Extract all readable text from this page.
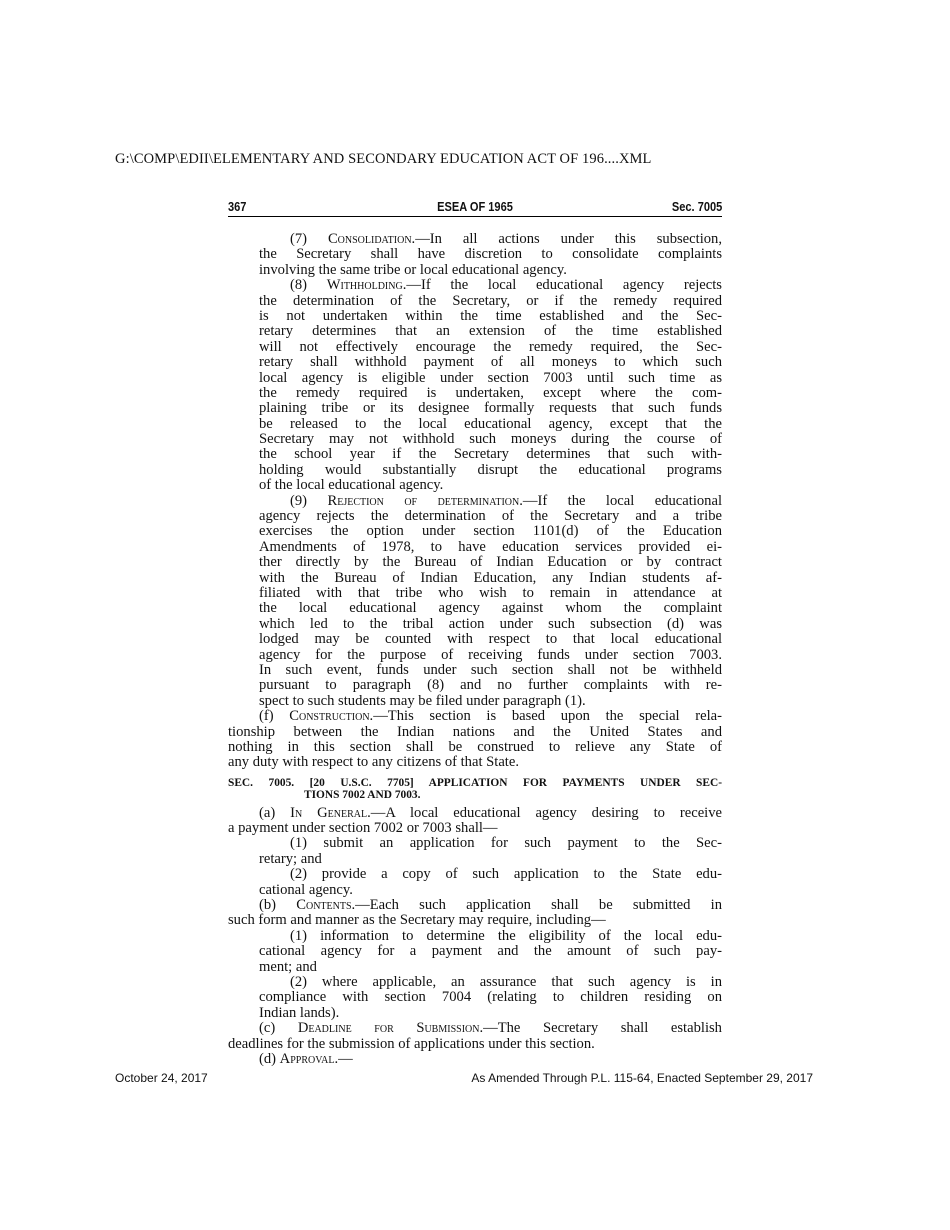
G:\COMP\EDII\ELEMENTARY AND SECONDARY EDUCATION ACT OF 196....XML
367	ESEA OF 1965	Sec. 7005
(7) Consolidation.—In all actions under this subsection,
the Secretary shall have discretion to consolidate complaints
involving the same tribe or local educational agency.
(8) Withholding.—If the local educational agency rejects
the determination of the Secretary, or if the remedy required
is not undertaken within the time established and the Sec-
retary determines that an extension of the time established
will not effectively encourage the remedy required, the Sec-
retary shall withhold payment of all moneys to which such
local agency is eligible under section 7003 until such time as
the remedy required is undertaken, except where the com-
plaining tribe or its designee formally requests that such funds
be released to the local educational agency, except that the
Secretary may not withhold such moneys during the course of
the school year if the Secretary determines that such with-
holding would substantially disrupt the educational programs
of the local educational agency.
(9) Rejection of determination.—If the local educational
agency rejects the determination of the Secretary and a tribe
exercises the option under section 1101(d) of the Education
Amendments of 1978, to have education services provided ei-
ther directly by the Bureau of Indian Education or by contract
with the Bureau of Indian Education, any Indian students af-
filiated with that tribe who wish to remain in attendance at
the local educational agency against whom the complaint
which led to the tribal action under such subsection (d) was
lodged may be counted with respect to that local educational
agency for the purpose of receiving funds under section 7003.
In such event, funds under such section shall not be withheld
pursuant to paragraph (8) and no further complaints with re-
spect to such students may be filed under paragraph (1).
(f) Construction.—This section is based upon the special rela-
tionship between the Indian nations and the United States and
nothing in this section shall be construed to relieve any State of
any duty with respect to any citizens of that State.
SEC. 7005. [20 U.S.C. 7705] APPLICATION FOR PAYMENTS UNDER SEC-
TIONS 7002 AND 7003.
(a) In General.—A local educational agency desiring to receive
a payment under section 7002 or 7003 shall—
(1) submit an application for such payment to the Sec-
retary; and
(2) provide a copy of such application to the State edu-
cational agency.
(b) Contents.—Each such application shall be submitted in
such form and manner as the Secretary may require, including—
(1) information to determine the eligibility of the local edu-
cational agency for a payment and the amount of such pay-
ment; and
(2) where applicable, an assurance that such agency is in
compliance with section 7004 (relating to children residing on
Indian lands).
(c) Deadline for Submission.—The Secretary shall establish
deadlines for the submission of applications under this section.
(d) Approval.—
October 24, 2017	As Amended Through P.L. 115-64, Enacted September 29, 2017
